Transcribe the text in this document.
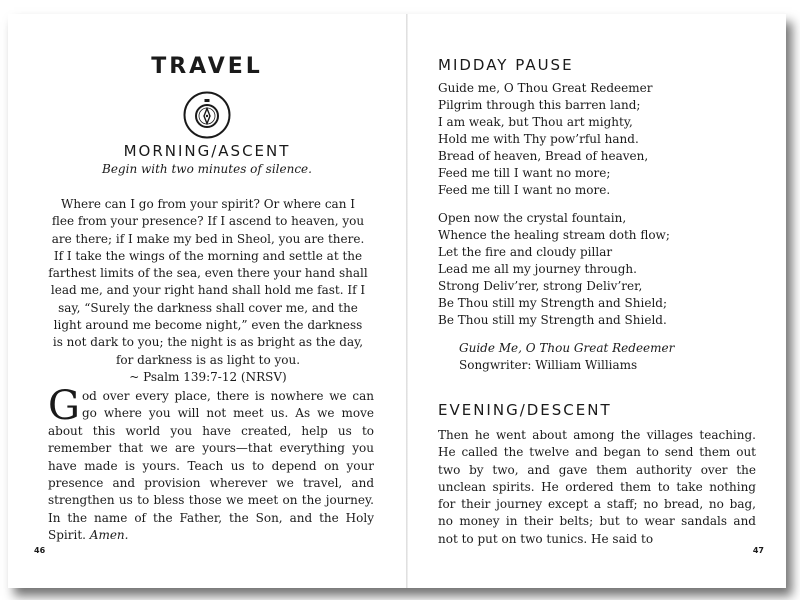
TRAVEL
MORNING/ASCENT
Begin with two minutes of silence.
Where can I go from your spirit? Or where can I flee from your presence? If I ascend to heaven, you are there; if I make my bed in Sheol, you are there. If I take the wings of the morning and settle at the farthest limits of the sea, even there your hand shall lead me, and your right hand shall hold me fast. If I say, “Surely the darkness shall cover me, and the light around me become night,” even the darkness is not dark to you; the night is as bright as the day, for darkness is as light to you.
~ Psalm 139:7-12 (NRSV)
God over every place, there is nowhere we can go where you will not meet us. As we move about this world you have created, help us to remember that we are yours—that everything you have made is yours. Teach us to depend on your presence and provision wherever we travel, and strengthen us to bless those we meet on the journey. In the name of the Father, the Son, and the Holy Spirit. Amen.
46
MIDDAY PAUSE
Guide me, O Thou Great Redeemer
Pilgrim through this barren land;
I am weak, but Thou art mighty,
Hold me with Thy pow’rful hand.
Bread of heaven, Bread of heaven,
Feed me till I want no more;
Feed me till I want no more.
Open now the crystal fountain,
Whence the healing stream doth flow;
Let the fire and cloudy pillar
Lead me all my journey through.
Strong Deliv’rer, strong Deliv’rer,
Be Thou still my Strength and Shield;
Be Thou still my Strength and Shield.
Guide Me, O Thou Great Redeemer
Songwriter: William Williams
EVENING/DESCENT
Then he went about among the villages teaching. He called the twelve and began to send them out two by two, and gave them authority over the unclean spirits. He ordered them to take nothing for their journey except a staff; no bread, no bag, no money in their belts; but to wear sandals and not to put on two tunics. He said to
47
